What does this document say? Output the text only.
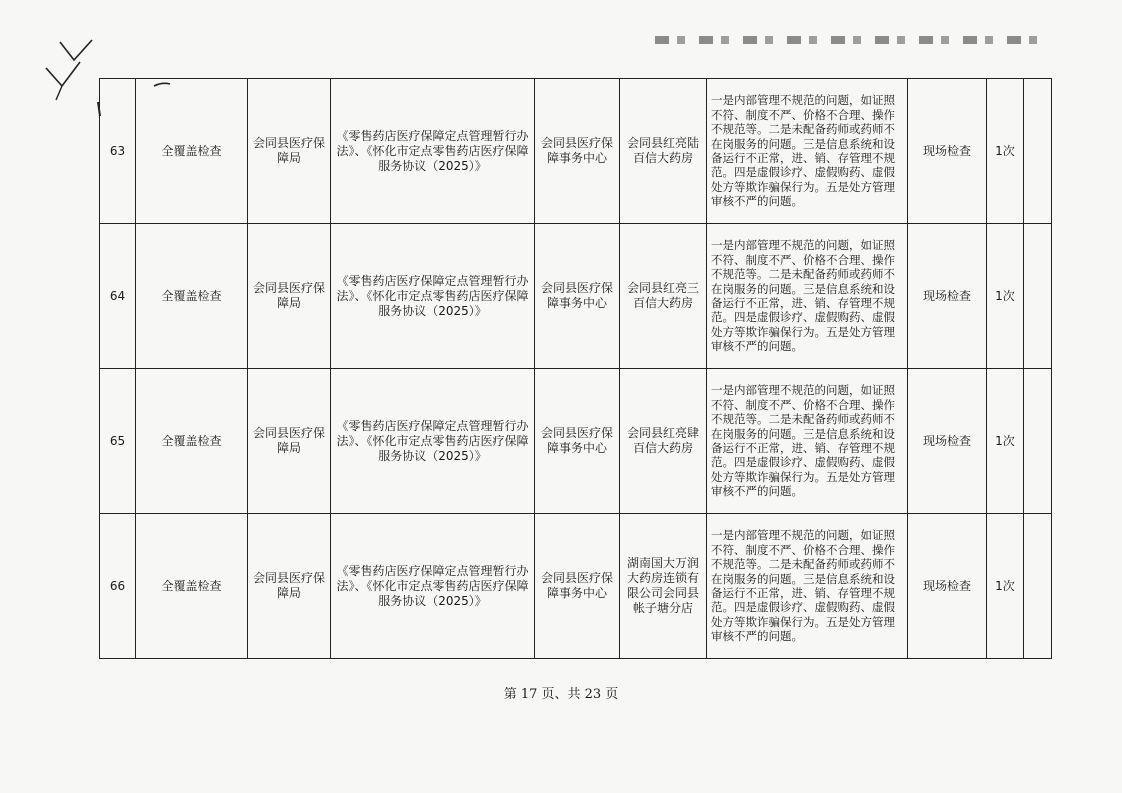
63	全覆盖检查	会同县医疗保障局	《零售药店医疗保障定点管理暂行办法》、《怀化市定点零售药店医疗保障服务协议（2025）》	会同县医疗保障事务中心	会同县红亮陆百信大药房	一是内部管理不规范的问题，如证照不符、制度不严、价格不合理、操作不规范等。二是未配备药师或药师不在岗服务的问题。三是信息系统和设备运行不正常，进、销、存管理不规范。四是虚假诊疗、虚假购药、虚假处方等欺诈骗保行为。五是处方管理审核不严的问题。	现场检查	1次	
64	全覆盖检查	会同县医疗保障局	《零售药店医疗保障定点管理暂行办法》、《怀化市定点零售药店医疗保障服务协议（2025）》	会同县医疗保障事务中心	会同县红亮三百信大药房	一是内部管理不规范的问题，如证照不符、制度不严、价格不合理、操作不规范等。二是未配备药师或药师不在岗服务的问题。三是信息系统和设备运行不正常，进、销、存管理不规范。四是虚假诊疗、虚假购药、虚假处方等欺诈骗保行为。五是处方管理审核不严的问题。	现场检查	1次	
65	全覆盖检查	会同县医疗保障局	《零售药店医疗保障定点管理暂行办法》、《怀化市定点零售药店医疗保障服务协议（2025）》	会同县医疗保障事务中心	会同县红亮肆百信大药房	一是内部管理不规范的问题，如证照不符、制度不严、价格不合理、操作不规范等。二是未配备药师或药师不在岗服务的问题。三是信息系统和设备运行不正常，进、销、存管理不规范。四是虚假诊疗、虚假购药、虚假处方等欺诈骗保行为。五是处方管理审核不严的问题。	现场检查	1次	
66	全覆盖检查	会同县医疗保障局	《零售药店医疗保障定点管理暂行办法》、《怀化市定点零售药店医疗保障服务协议（2025）》	会同县医疗保障事务中心	湖南国大万润大药房连锁有限公司会同县帐子塘分店	一是内部管理不规范的问题，如证照不符、制度不严、价格不合理、操作不规范等。二是未配备药师或药师不在岗服务的问题。三是信息系统和设备运行不正常，进、销、存管理不规范。四是虚假诊疗、虚假购药、虚假处方等欺诈骗保行为。五是处方管理审核不严的问题。	现场检查	1次	
第 17 页、共 23 页
